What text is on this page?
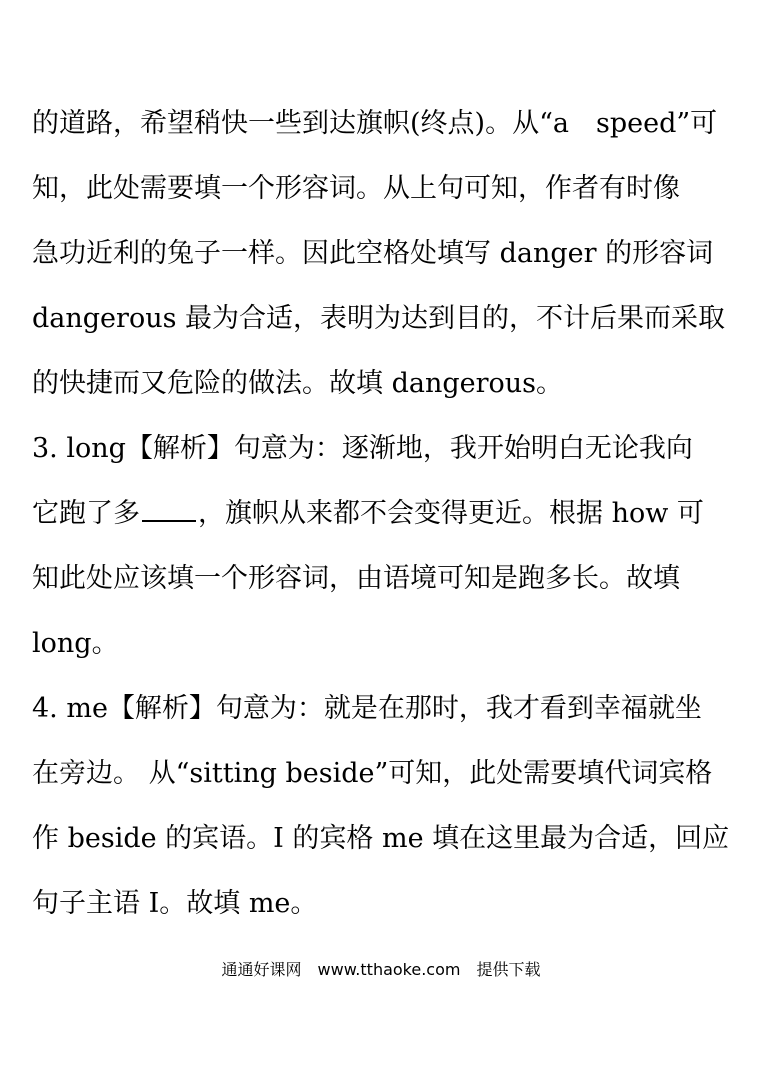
的道路，希望稍快一些到达旗帜(终点)。从“a　speed”可
知，此处需要填一个形容词。从上句可知，作者有时像
急功近利的兔子一样。因此空格处填写 danger 的形容词
dangerous 最为合适，表明为达到目的，不计后果而采取
的快捷而又危险的做法。故填 dangerous。
3. long【解析】句意为：逐渐地，我开始明白无论我向
它跑了多 ，旗帜从来都不会变得更近。根据 how 可
知此处应该填一个形容词，由语境可知是跑多长。故填
long。
4. me【解析】句意为：就是在那时，我才看到幸福就坐
在旁边。 从“sitting beside”可知，此处需要填代词宾格
作 beside 的宾语。I 的宾格 me 填在这里最为合适，回应
句子主语 I。故填 me。
通通好课网　www.tthaoke.com　提供下载
